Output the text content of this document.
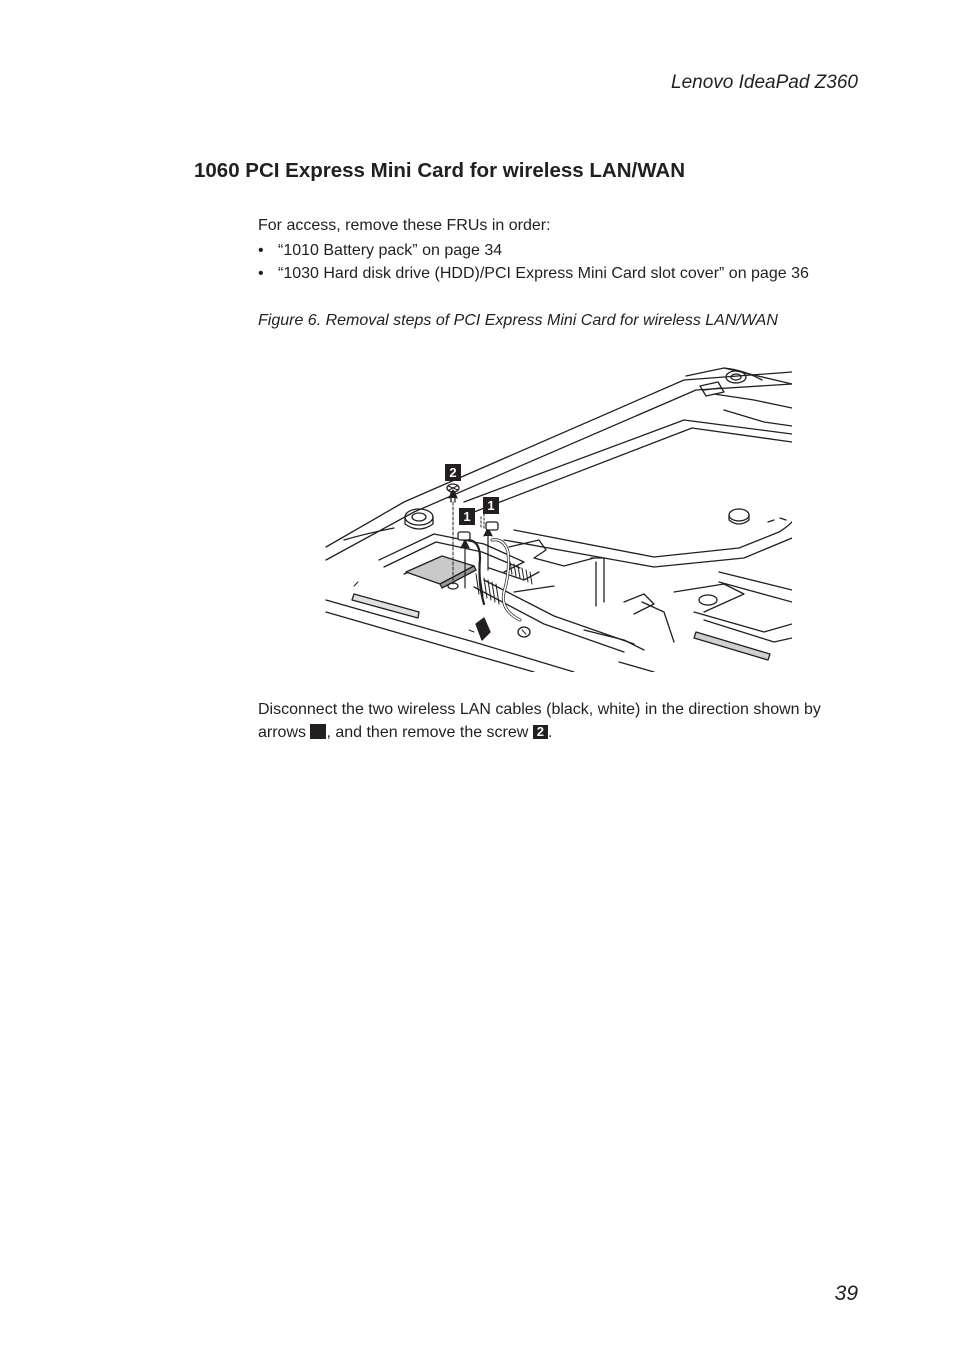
Lenovo IdeaPad Z360
1060 PCI Express Mini Card for wireless LAN/WAN

For access, remove these FRUs in order:

• “1010 Battery pack” on page 34
• “1030 Hard disk drive (HDD)/PCI Express Mini Card slot cover” on page 36

Figure 6. Removal steps of PCI Express Mini Card for wireless LAN/WAN

2
1
1

Disconnect the two wireless LAN cables (black, white) in the direction shown by arrows , and then remove the screw 2 .

39
